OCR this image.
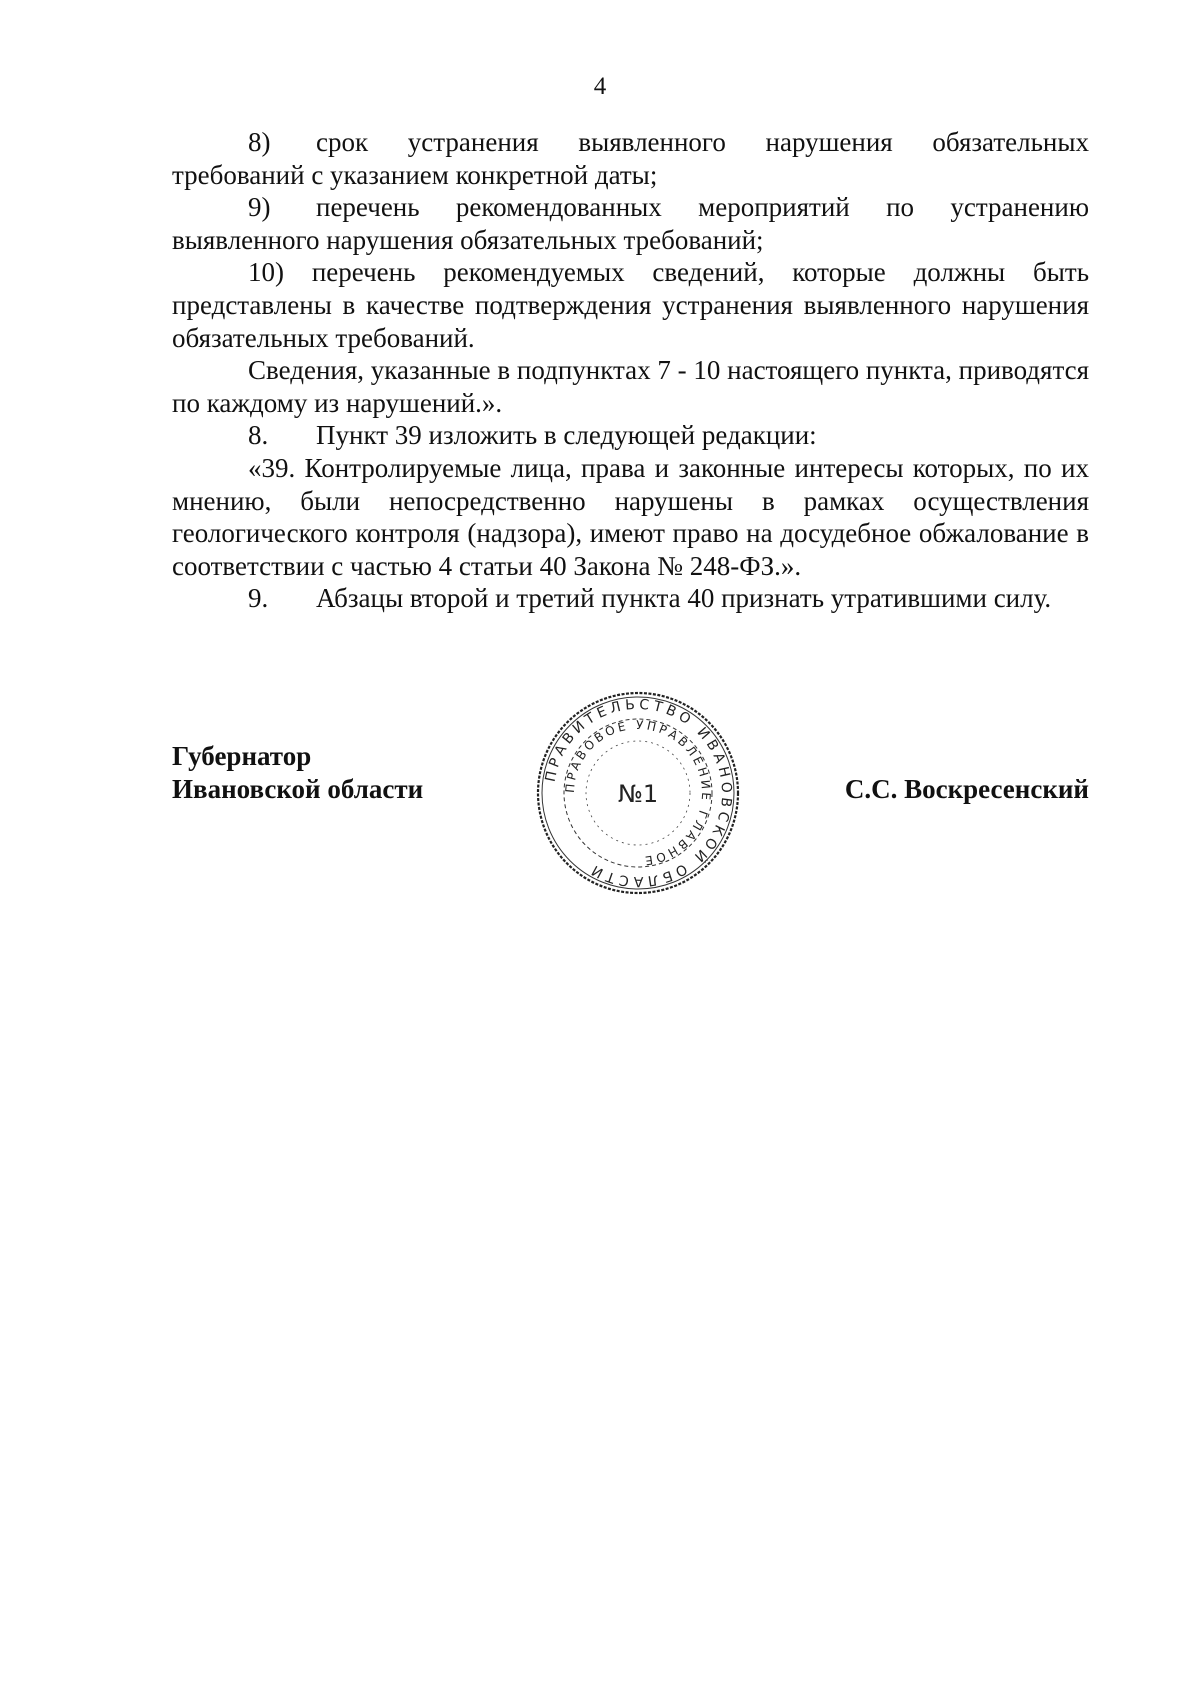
4

8) срок устранения выявленного нарушения обязательных требований с указанием конкретной даты;

9) перечень рекомендованных мероприятий по устранению выявленного нарушения обязательных требований;

10) перечень рекомендуемых сведений, которые должны быть представлены в качестве подтверждения устранения выявленного нарушения обязательных требований.

Сведения, указанные в подпунктах 7 - 10 настоящего пункта, приводятся по каждому из нарушений.».

8. Пункт 39 изложить в следующей редакции:

«39. Контролируемые лица, права и законные интересы которых, по их мнению, были непосредственно нарушены в рамках осуществления геологического контроля (надзора), имеют право на досудебное обжалование в соответствии с частью 4 статьи 40 Закона № 248-ФЗ.».

9. Абзацы второй и третий пункта 40 признать утратившими силу.

Губернатор
Ивановской области	ПРАВИТЕЛЬСТВО ИВАНОВСКОЙ ОБЛАСТИ
ПРАВОВОЕ УПРАВЛЕНИЕ ГЛАВНОЕ
№1	С.С. Воскресенский
